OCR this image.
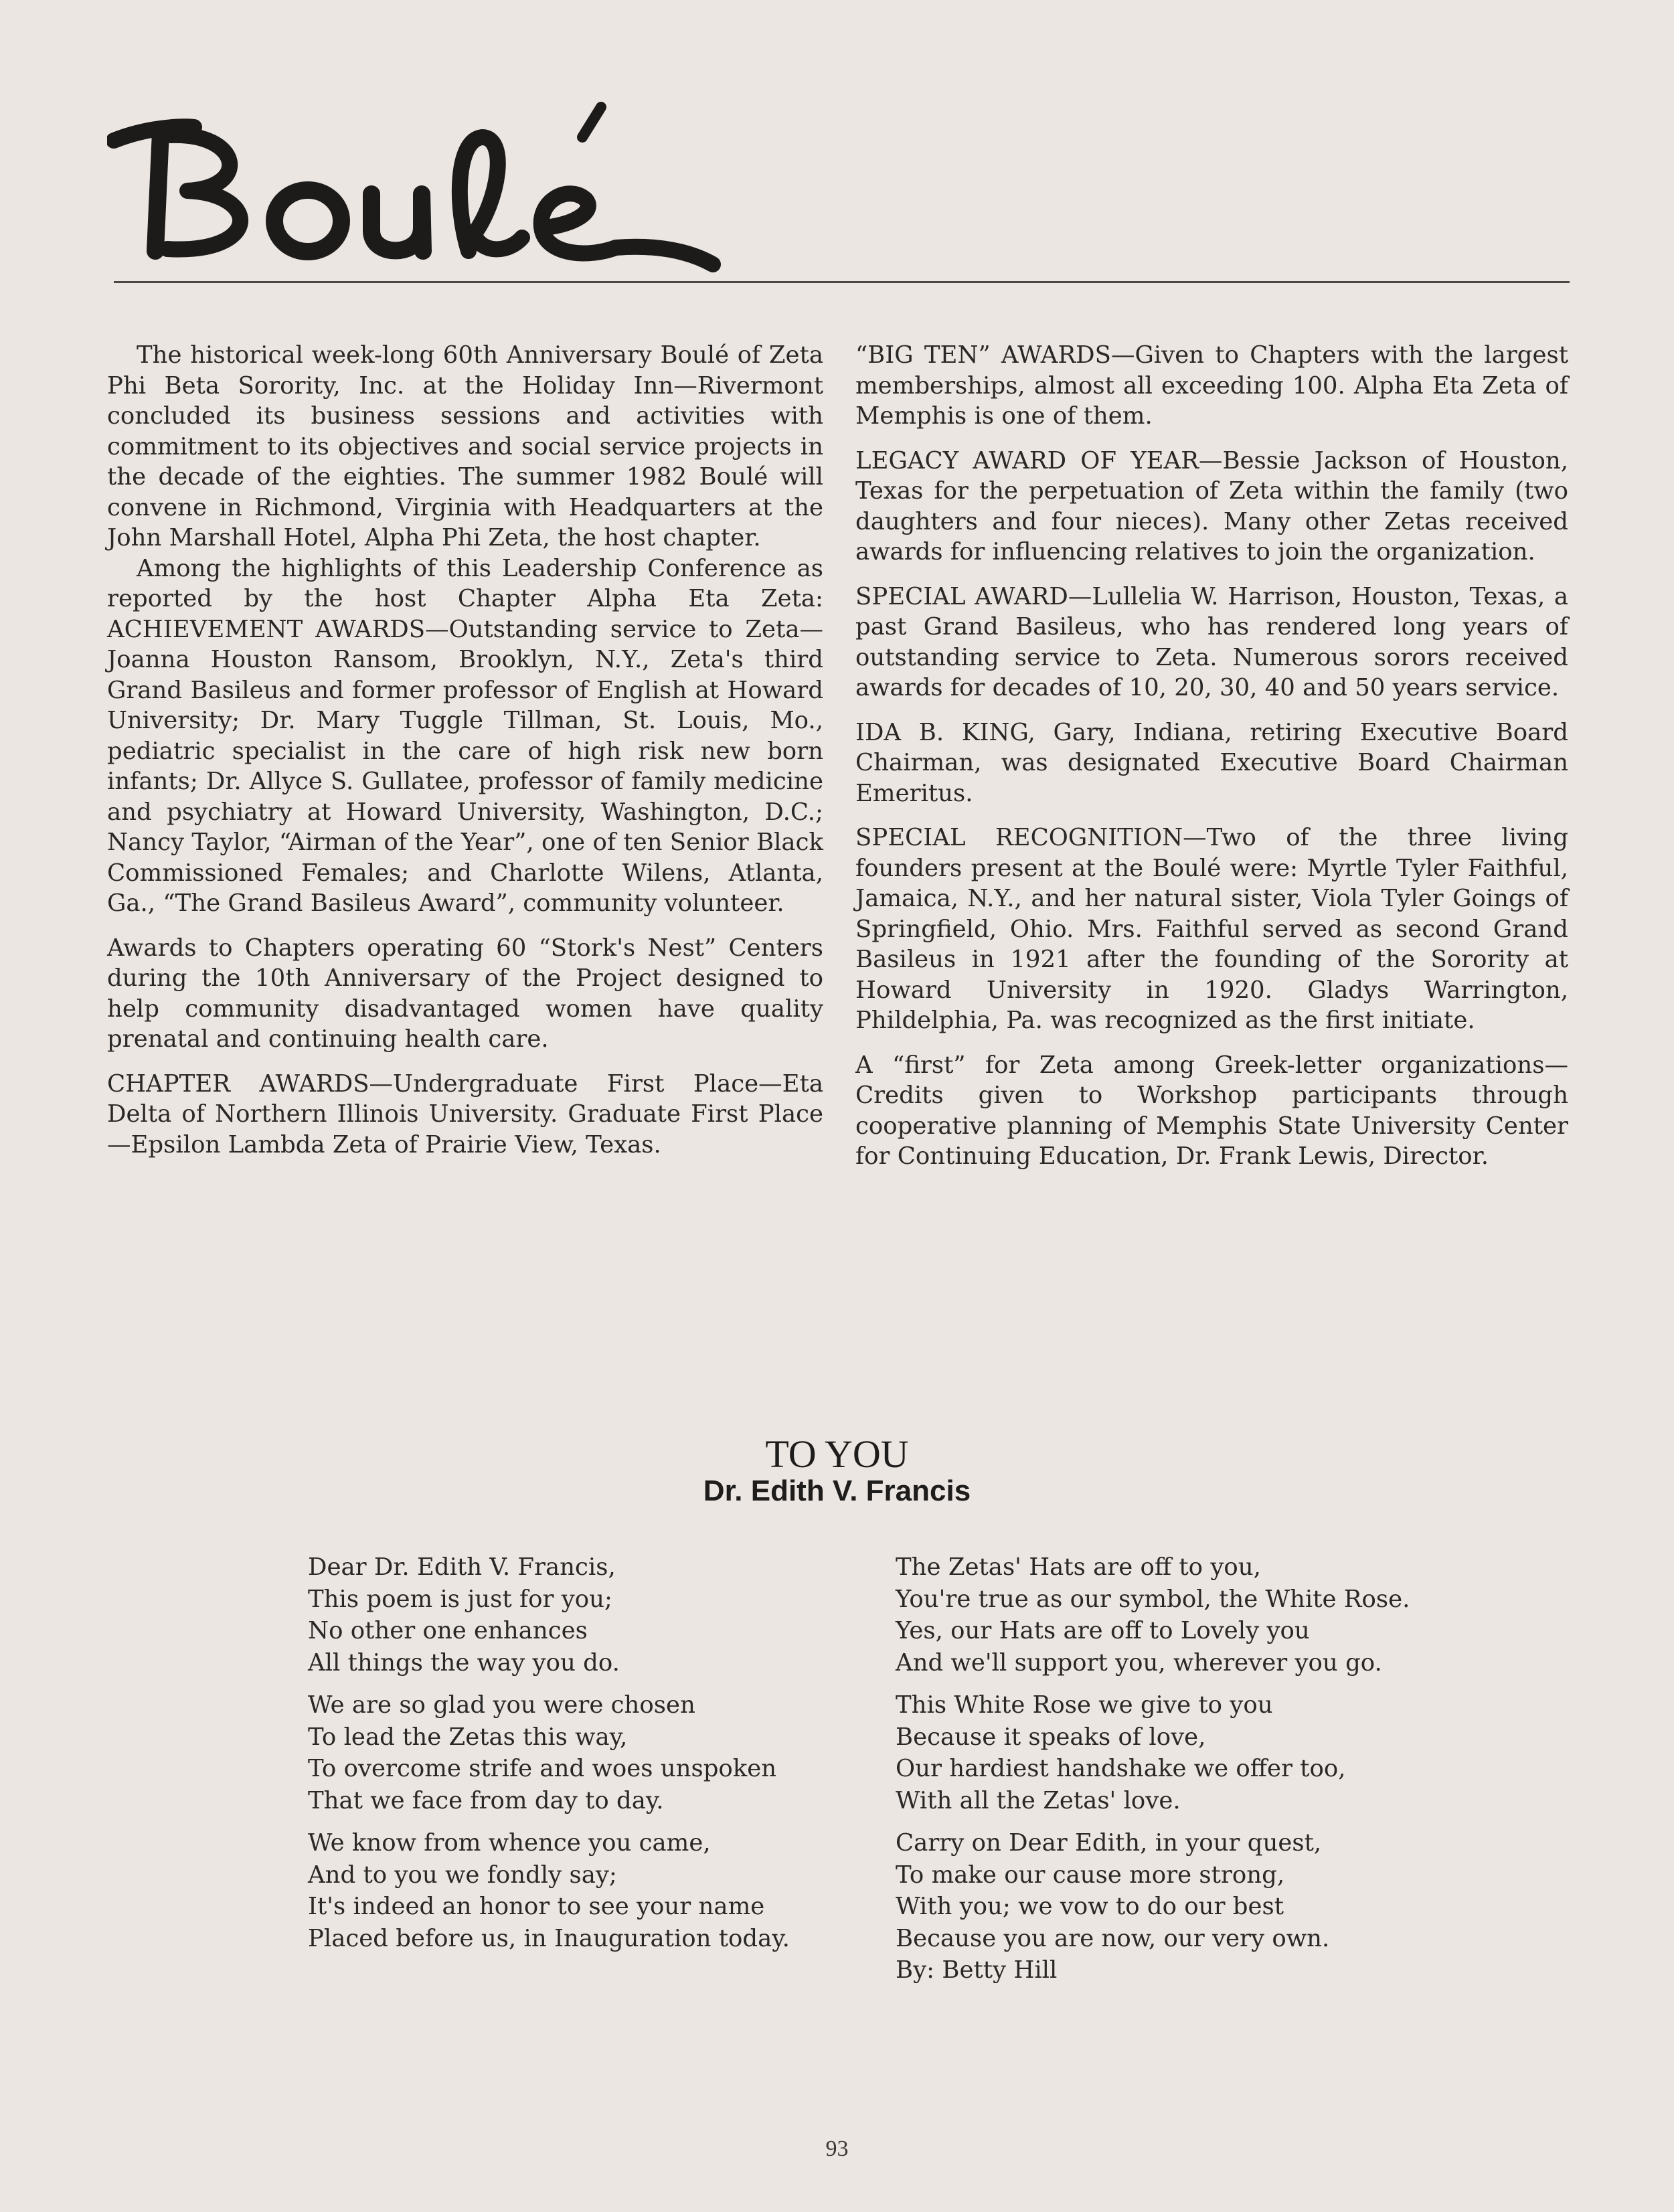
The historical week-long 60th Anniversary Boulé of Zeta Phi Beta Sorority, Inc. at the Holiday Inn—Rivermont concluded its business sessions and activities with commitment to its objectives and social service projects in the decade of the eighties. The summer 1982 Boulé will convene in Richmond, Virginia with Headquarters at the John Marshall Hotel, Alpha Phi Zeta, the host chapter.

Among the highlights of this Leadership Conference as reported by the host Chapter Alpha Eta Zeta: ACHIEVEMENT AWARDS—Outstanding service to Zeta—Joanna Houston Ransom, Brooklyn, N.Y., Zeta's third Grand Basileus and former professor of English at Howard University; Dr. Mary Tuggle Tillman, St. Louis, Mo., pediatric specialist in the care of high risk new born infants; Dr. Allyce S. Gullatee, professor of family medicine and psychiatry at Howard University, Washington, D.C.; Nancy Taylor, “Airman of the Year”, one of ten Senior Black Commissioned Females; and Charlotte Wilens, Atlanta, Ga., “The Grand Basileus Award”, community volunteer.

Awards to Chapters operating 60 “Stork's Nest” Centers during the 10th Anniversary of the Project designed to help community disadvantaged women have quality prenatal and continuing health care.

CHAPTER AWARDS—Undergraduate First Place—Eta Delta of Northern Illinois University. Graduate First Place—Epsilon Lambda Zeta of Prairie View, Texas.

“BIG TEN” AWARDS—Given to Chapters with the largest memberships, almost all exceeding 100. Alpha Eta Zeta of Memphis is one of them.

LEGACY AWARD OF YEAR—Bessie Jackson of Houston, Texas for the perpetuation of Zeta within the family (two daughters and four nieces). Many other Zetas received awards for influencing relatives to join the organization.

SPECIAL AWARD—Lullelia W. Harrison, Houston, Texas, a past Grand Basileus, who has rendered long years of outstanding service to Zeta. Numerous sorors received awards for decades of 10, 20, 30, 40 and 50 years service.

IDA B. KING, Gary, Indiana, retiring Executive Board Chairman, was designated Executive Board Chairman Emeritus.

SPECIAL RECOGNITION—Two of the three living founders present at the Boulé were: Myrtle Tyler Faithful, Jamaica, N.Y., and her natural sister, Viola Tyler Goings of Springfield, Ohio. Mrs. Faithful served as second Grand Basileus in 1921 after the founding of the Sorority at Howard University in 1920. Gladys Warrington, Phildelphia, Pa. was recognized as the first initiate.

A “first” for Zeta among Greek-letter organizations—Credits given to Workshop participants through cooperative planning of Memphis State University Center for Continuing Education, Dr. Frank Lewis, Director.

TO YOU
Dr. Edith V. Francis
Dear Dr. Edith V. Francis,
This poem is just for you;
No other one enhances
All things the way you do.
We are so glad you were chosen
To lead the Zetas this way,
To overcome strife and woes unspoken
That we face from day to day.
We know from whence you came,
And to you we fondly say;
It's indeed an honor to see your name
Placed before us, in Inauguration today.
The Zetas' Hats are off to you,
You're true as our symbol, the White Rose.
Yes, our Hats are off to Lovely you
And we'll support you, wherever you go.
This White Rose we give to you
Because it speaks of love,
Our hardiest handshake we offer too,
With all the Zetas' love.
Carry on Dear Edith, in your quest,
To make our cause more strong,
With you; we vow to do our best
Because you are now, our very own.
By: Betty Hill
93
